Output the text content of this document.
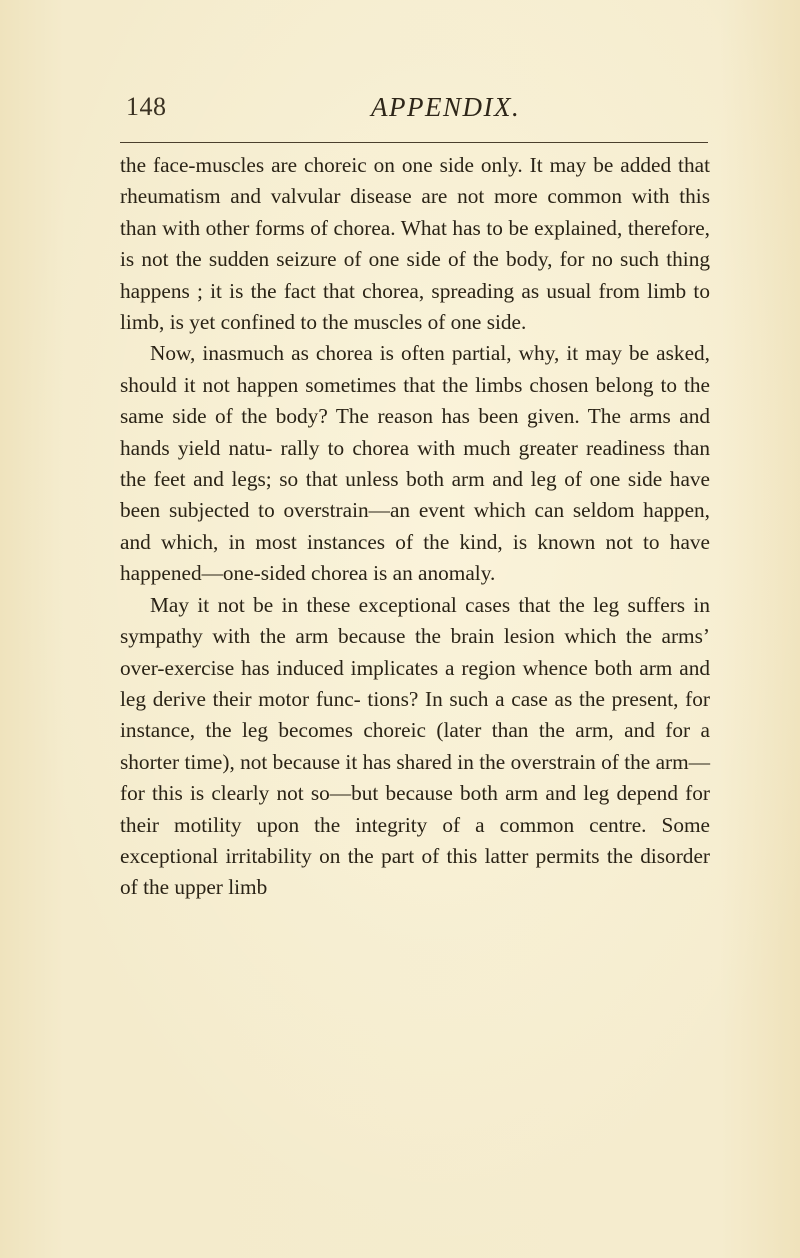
148	APPENDIX.

the face-muscles are choreic on one side only. It may be added that rheumatism and valvular disease are not more common with this than with other forms of chorea. What has to be explained, therefore, is not the sudden seizure of one side of the body, for no such thing happens ; it is the fact that chorea, spreading as usual from limb to limb, is yet confined to the muscles of one side.

Now, inasmuch as chorea is often partial, why, it may be asked, should it not happen sometimes that the limbs chosen belong to the same side of the body? The reason has been given. The arms and hands yield natu- rally to chorea with much greater readiness than the feet and legs; so that unless both arm and leg of one side have been subjected to overstrain—an event which can seldom happen, and which, in most instances of the kind, is known not to have happened—one-sided chorea is an anomaly.

May it not be in these exceptional cases that the leg suffers in sympathy with the arm because the brain lesion which the arms’ over-exercise has induced implicates a region whence both arm and leg derive their motor func- tions? In such a case as the present, for instance, the leg becomes choreic (later than the arm, and for a shorter time), not because it has shared in the overstrain of the arm—for this is clearly not so—but because both arm and leg depend for their motility upon the integrity of a common centre. Some exceptional irritability on the part of this latter permits the disorder of the upper limb
